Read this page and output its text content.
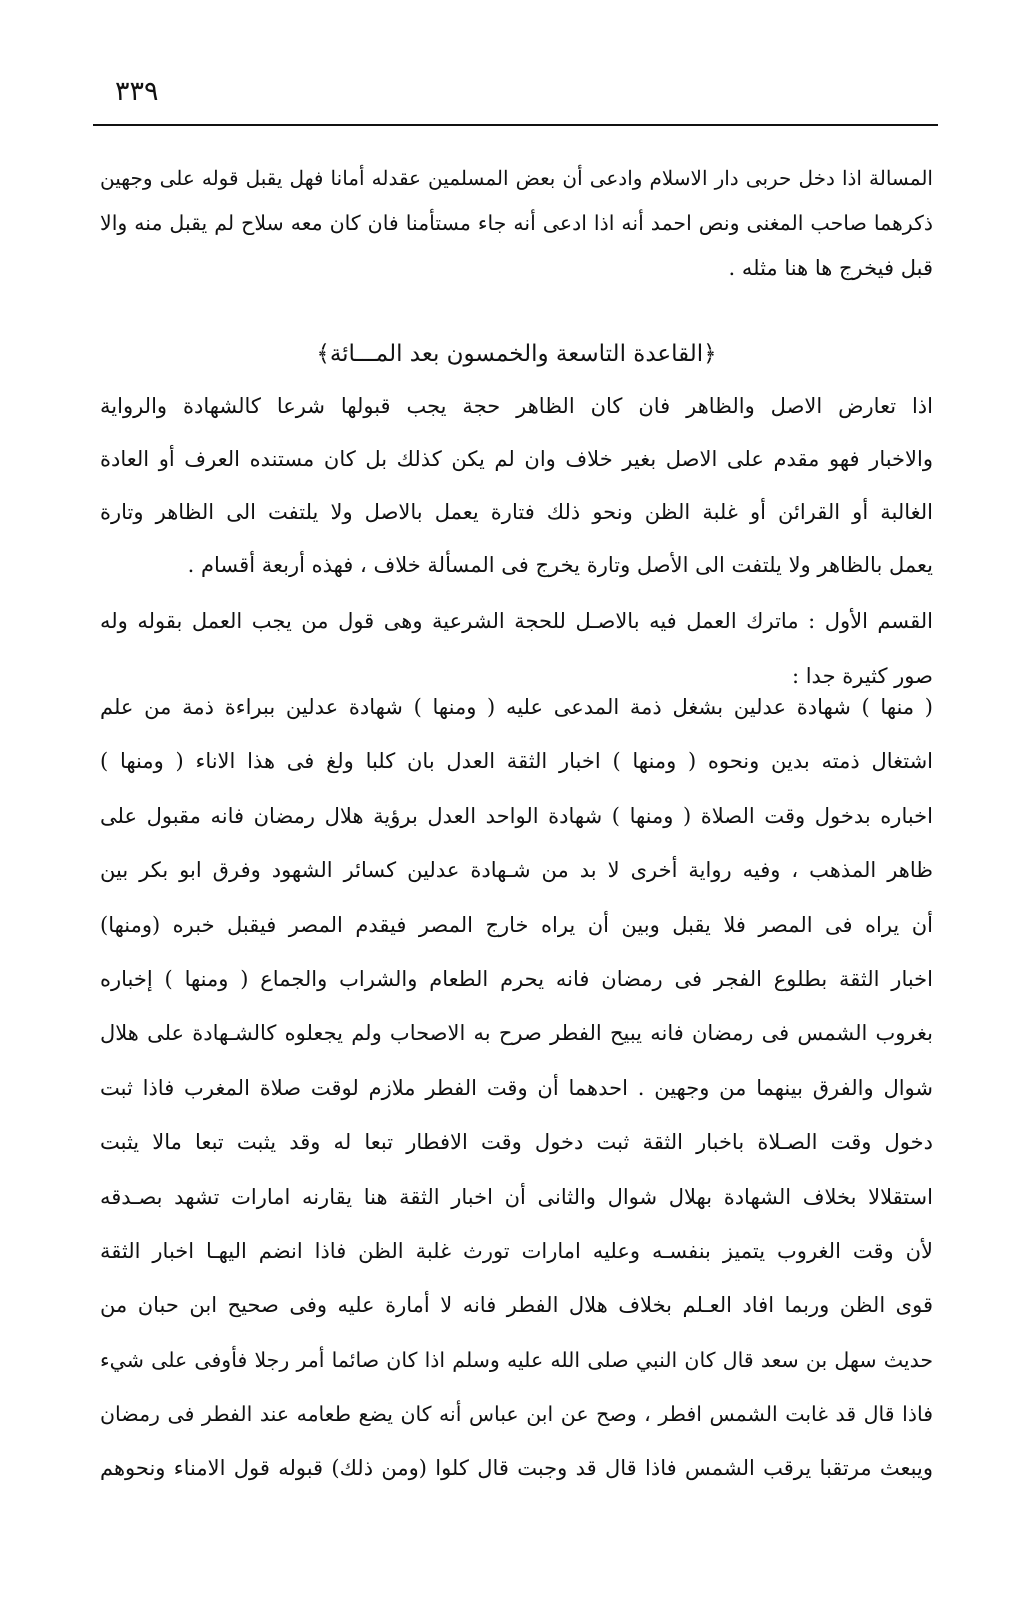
٣٣٩
المسالة اذا دخل حربى دار الاسلام وادعى أن بعض المسلمين عقدله أمانا فهل يقبل قوله على وجهين
ذكرهما صاحب المغنى ونص احمد أنه اذا ادعى أنه جاء مستأمنا فان كان معه سلاح لم يقبل منه والا
قبل فيخرج ها هنا مثله .
﴿القاعدة التاسعة والخمسون بعد المـــائة﴾
اذا تعارض الاصل والظاهر فان كان الظاهر حجة يجب قبولها شرعا كالشهادة والرواية
والاخبار فهو مقدم على الاصل بغير خلاف وان لم يكن كذلك بل كان مستنده العرف أو العادة
الغالبة أو القرائن أو غلبة الظن ونحو ذلك فتارة يعمل بالاصل ولا يلتفت الى الظاهر وتارة
يعمل بالظاهر ولا يلتفت الى الأصل وتارة يخرج فى المسألة خلاف ، فهذه أربعة أقسام .
القسم الأول : ماترك العمل فيه بالاصـل للحجة الشرعية وهى قول من يجب العمل بقوله وله
صور كثيرة جدا :
( منها ) شهادة عدلين بشغل ذمة المدعى عليه ( ومنها ) شهادة عدلين ببراءة ذمة من علم
اشتغال ذمته بدين ونحوه ( ومنها ) اخبار الثقة العدل بان كلبا ولغ فى هذا الاناء ( ومنها )
اخباره بدخول وقت الصلاة ( ومنها ) شهادة الواحد العدل برؤية هلال رمضان فانه مقبول على
ظاهر المذهب ، وفيه رواية أخرى لا بد من شـهادة عدلين كسائر الشهود وفرق ابو بكر بين
أن يراه فى المصر فلا يقبل وبين أن يراه خارج المصر فيقدم المصر فيقبل خبره (ومنها)
اخبار الثقة بطلوع الفجر فى رمضان فانه يحرم الطعام والشراب والجماع ( ومنها ) إخباره
بغروب الشمس فى رمضان فانه يبيح الفطر صرح به الاصحاب ولم يجعلوه كالشـهادة على هلال
شوال والفرق بينهما من وجهين . احدهما أن وقت الفطر ملازم لوقت صلاة المغرب فاذا ثبت
دخول وقت الصـلاة باخبار الثقة ثبت دخول وقت الافطار تبعا له وقد يثبت تبعا مالا يثبت
استقلالا بخلاف الشهادة بهلال شوال والثانى أن اخبار الثقة هنا يقارنه امارات تشهد بصـدقه
لأن وقت الغروب يتميز بنفسـه وعليه امارات تورث غلبة الظن فاذا انضم اليهـا اخبار الثقة
قوى الظن وربما افاد العـلم بخلاف هلال الفطر فانه لا أمارة عليه وفى صحيح ابن حبان من
حديث سهل بن سعد قال كان النبي صلى الله عليه وسلم اذا كان صائما أمر رجلا فأوفى على شيء
فاذا قال قد غابت الشمس افطر ، وصح عن ابن عباس أنه كان يضع طعامه عند الفطر فى رمضان
ويبعث مرتقبا يرقب الشمس فاذا قال قد وجبت قال كلوا (ومن ذلك) قبوله قول الامناء ونحوهم
